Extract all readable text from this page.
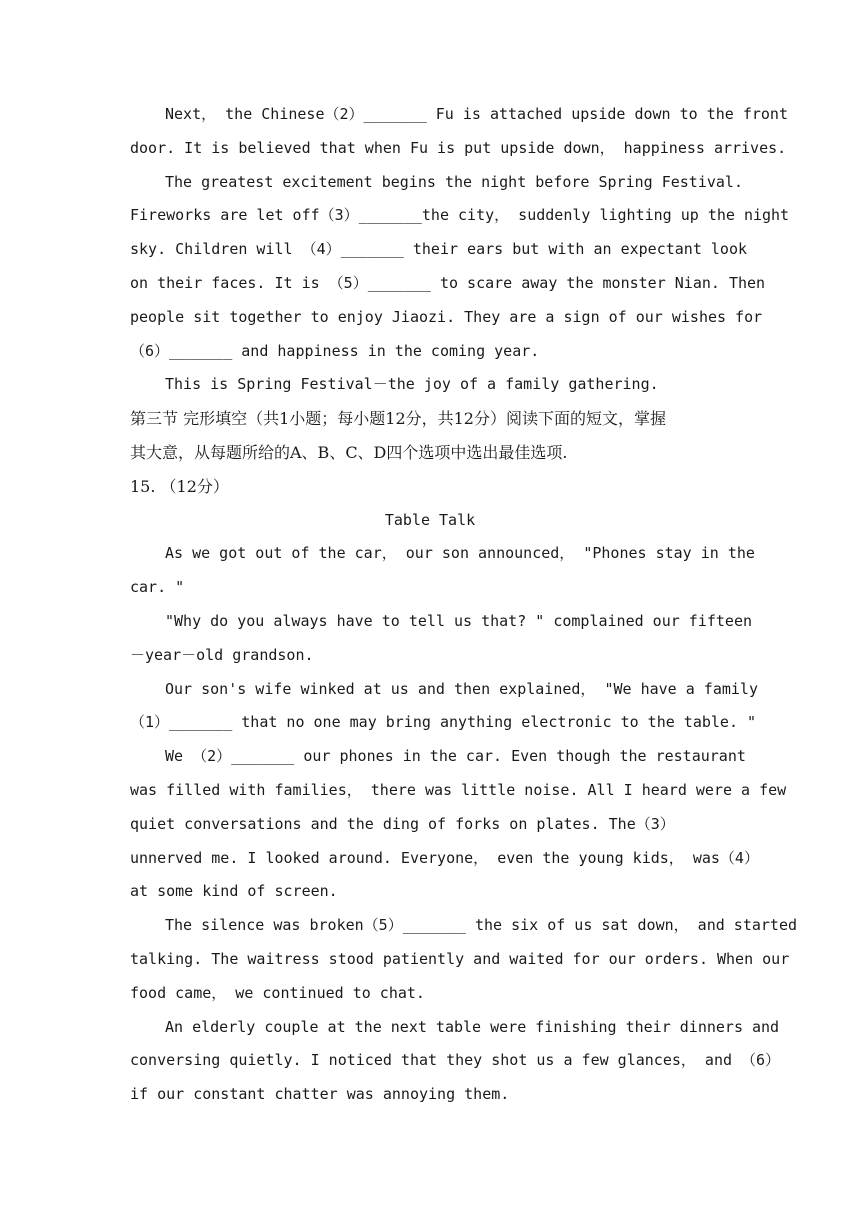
Next， the Chinese（2）_______ Fu is attached upside down to the front
door. It is believed that when Fu is put upside down， happiness arrives.
The greatest excitement begins the night before Spring Festival.
Fireworks are let off（3）_______the city， suddenly lighting up the night
sky. Children will （4）_______ their ears but with an expectant look
on their faces. It is （5）_______ to scare away the monster Nian. Then
people sit together to enjoy Jiaozi. They are a sign of our wishes for
（6）_______ and happiness in the coming year.
This is Spring Festival－the joy of a family gathering.
第三节 完形填空（共1小题；每小题12分，共12分）阅读下面的短文，掌握
其大意，从每题所给的A、B、C、D四个选项中选出最佳选项.
15. （12分）
Table Talk
As we got out of the car， our son announced， "Phones stay in the
car. "
"Why do you always have to tell us that? " complained our fifteen
－year－old grandson.
Our son's wife winked at us and then explained， "We have a family
（1）_______ that no one may bring anything electronic to the table. "
We （2）_______ our phones in the car. Even though the restaurant
was filled with families， there was little noise. All I heard were a few
quiet conversations and the ding of forks on plates. The（3）
unnerved me. I looked around. Everyone， even the young kids， was（4）
at some kind of screen.
The silence was broken（5）_______ the six of us sat down， and started
talking. The waitress stood patiently and waited for our orders. When our
food came， we continued to chat.
An elderly couple at the next table were finishing their dinners and
conversing quietly. I noticed that they shot us a few glances， and （6）
if our constant chatter was annoying them.
